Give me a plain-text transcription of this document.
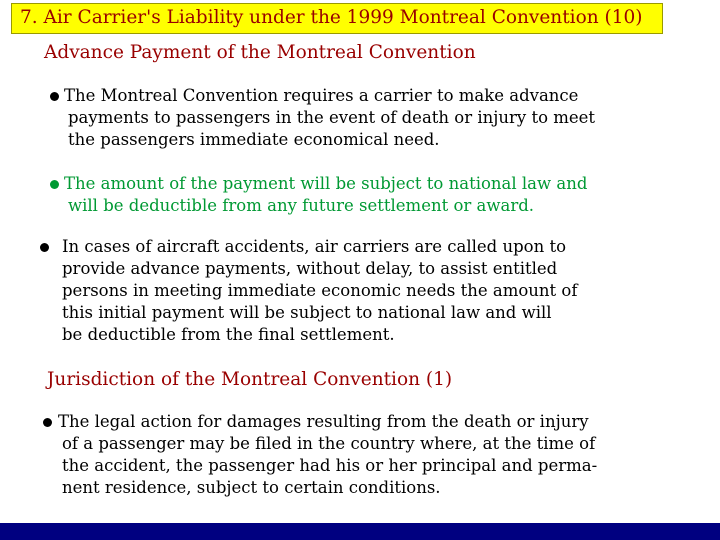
7. Air Carrier's Liability under the 1999 Montreal Convention (10)
Advance Payment of the Montreal Convention
The Montreal Convention requires a carrier to make advance
payments to passengers in the event of death or injury to meet
the passengers immediate economical need.
The amount of the payment will be subject to national law and
will be deductible from any future settlement or award.
In cases of aircraft accidents, air carriers are called upon to
provide advance payments, without delay, to assist entitled
persons in meeting immediate economic needs the amount of
this initial payment will be subject to national law and will
be deductible from the final settlement.
Jurisdiction of the Montreal Convention (1)
The legal action for damages resulting from the death or injury
of a passenger may be filed in the country where, at the time of
the accident, the passenger had his or her principal and perma-
nent residence, subject to certain conditions.
